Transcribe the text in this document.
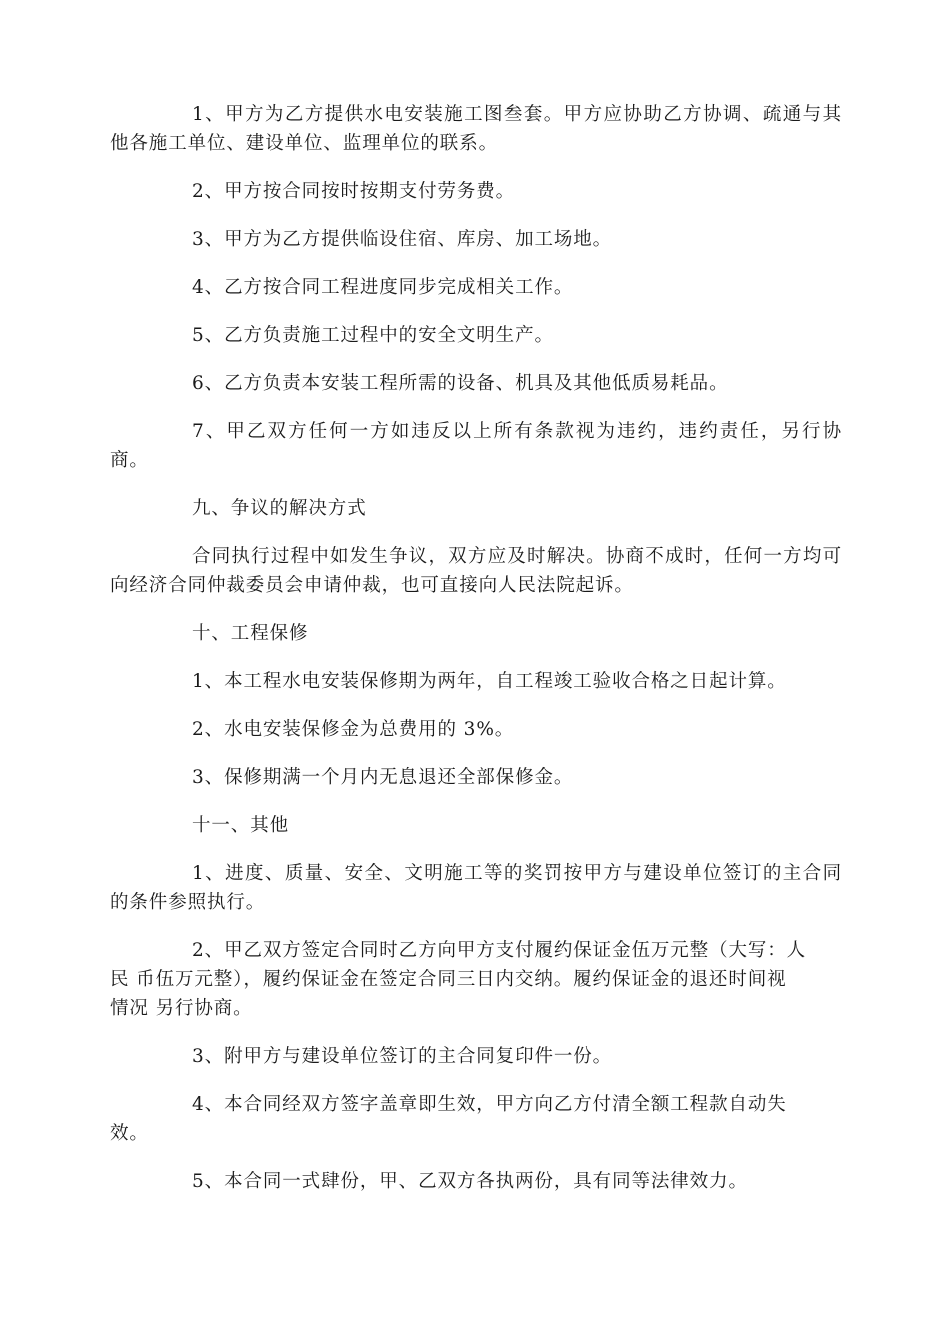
1、甲方为乙方提供水电安装施工图叁套。甲方应协助乙方协调、疏通与其他各施工单位、建设单位、监理单位的联系。

2、甲方按合同按时按期支付劳务费。

3、甲方为乙方提供临设住宿、库房、加工场地。

4、乙方按合同工程进度同步完成相关工作。

5、乙方负责施工过程中的安全文明生产。

6、乙方负责本安装工程所需的设备、机具及其他低质易耗品。

7、甲乙双方任何一方如违反以上所有条款视为违约，违约责任，另行协商。

九、争议的解决方式

合同执行过程中如发生争议，双方应及时解决。协商不成时，任何一方均可向经济合同仲裁委员会申请仲裁，也可直接向人民法院起诉。

十、工程保修

1、本工程水电安装保修期为两年，自工程竣工验收合格之日起计算。

2、水电安装保修金为总费用的 3%。

3、保修期满一个月内无息退还全部保修金。

十一、其他

1、进度、质量、安全、文明施工等的奖罚按甲方与建设单位签订的主合同的条件参照执行。

2、甲乙双方签定合同时乙方向甲方支付履约保证金伍万元整（大写：人
民 币伍万元整），履约保证金在签定合同三日内交纳。履约保证金的退还时间视
情况 另行协商。

3、附甲方与建设单位签订的主合同复印件一份。

4、本合同经双方签字盖章即生效，甲方向乙方付清全额工程款自动失
效。

5、本合同一式肆份，甲、乙双方各执两份，具有同等法律效力。
